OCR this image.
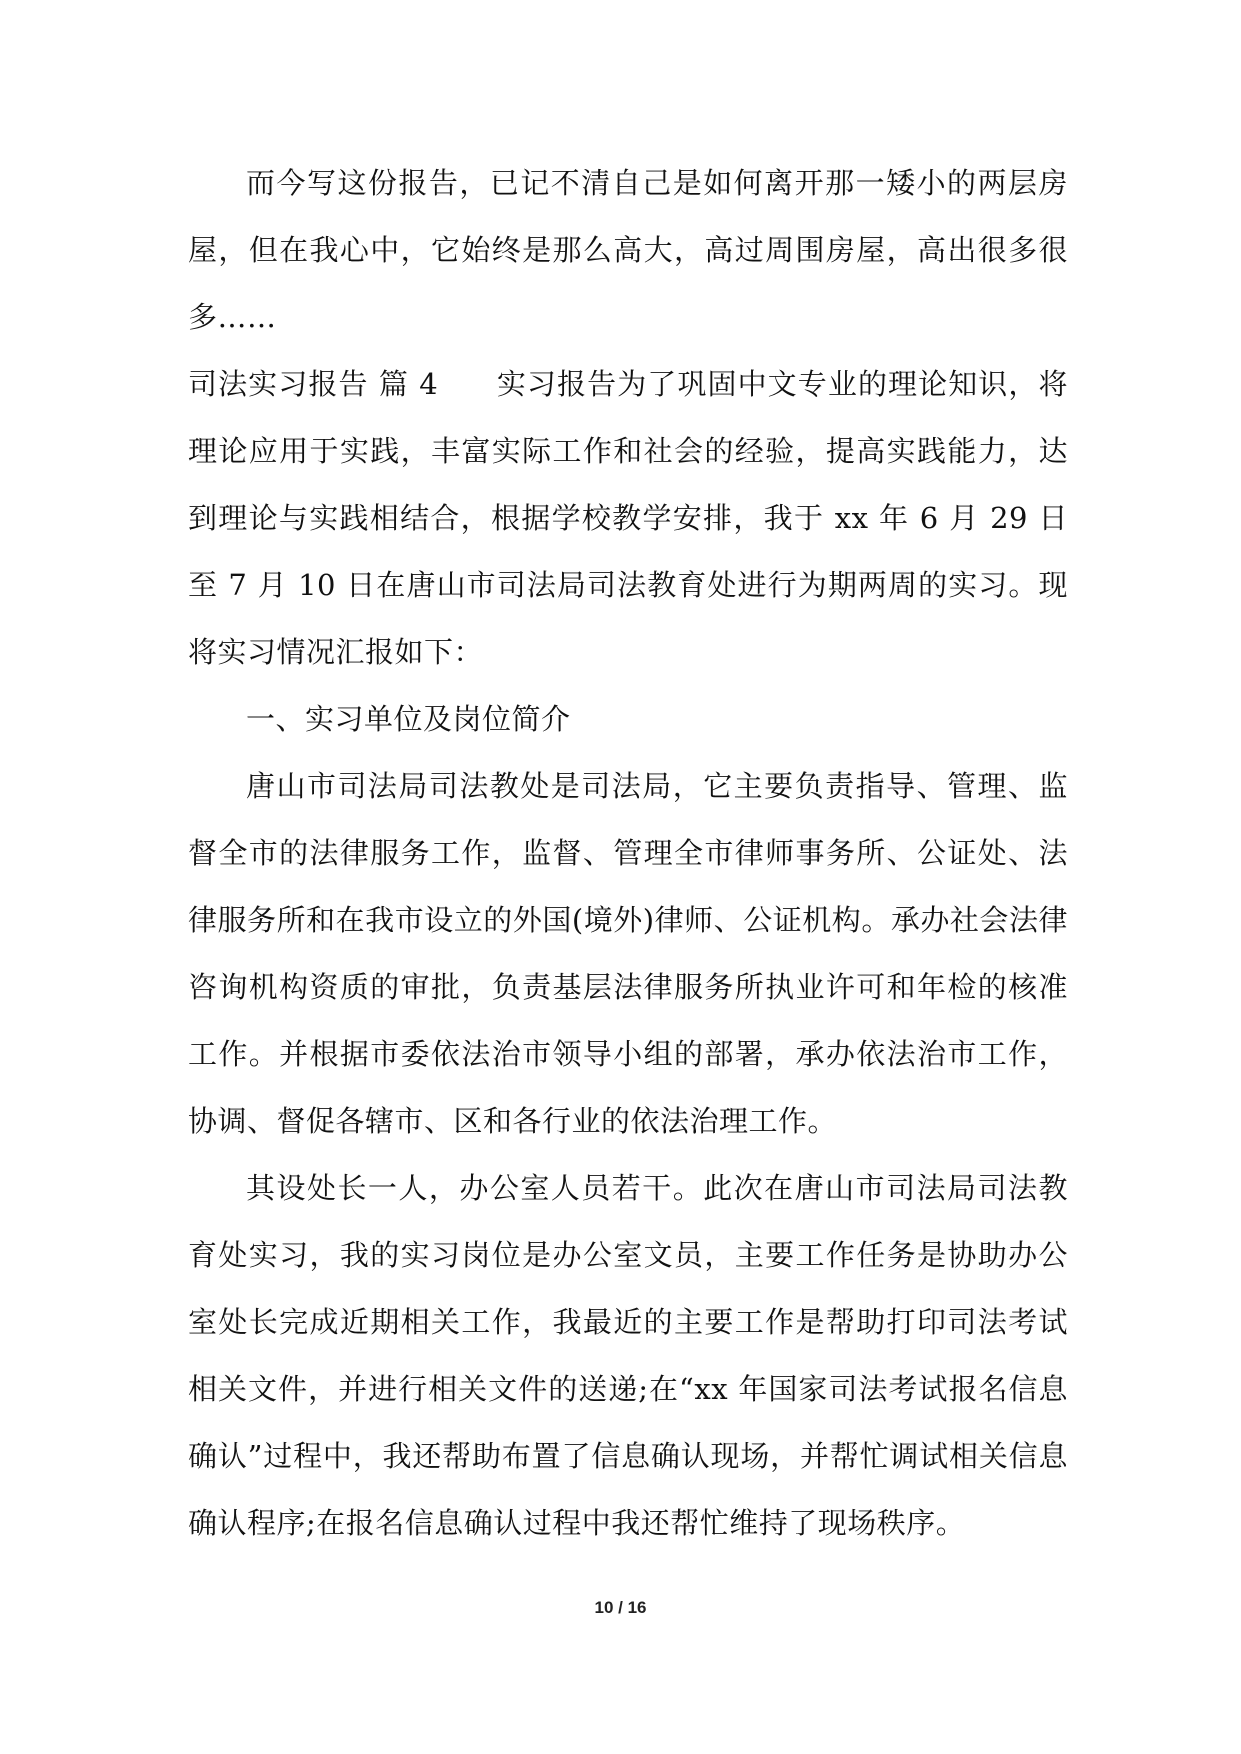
而今写这份报告，已记不清自己是如何离开那一矮小的两层房屋，但在我心中，它始终是那么高大，高过周围房屋，高出很多很多……

司法实习报告 篇 4 实习报告为了巩固中文专业的理论知识，将理论应用于实践，丰富实际工作和社会的经验，提高实践能力，达到理论与实践相结合，根据学校教学安排，我于 xx 年 6 月 29 日至 7 月 10 日在唐山市司法局司法教育处进行为期两周的实习。现将实习情况汇报如下：

一、实习单位及岗位简介

唐山市司法局司法教处是司法局，它主要负责指导、管理、监督全市的法律服务工作，监督、管理全市律师事务所、公证处、法律服务所和在我市设立的外国(境外)律师、公证机构。承办社会法律咨询机构资质的审批，负责基层法律服务所执业许可和年检的核准工作。并根据市委依法治市领导小组的部署，承办依法治市工作，协调、督促各辖市、区和各行业的依法治理工作。

其设处长一人，办公室人员若干。此次在唐山市司法局司法教育处实习，我的实习岗位是办公室文员，主要工作任务是协助办公室处长完成近期相关工作，我最近的主要工作是帮助打印司法考试相关文件，并进行相关文件的送递;在“xx 年国家司法考试报名信息确认”过程中，我还帮助布置了信息确认现场，并帮忙调试相关信息确认程序;在报名信息确认过程中我还帮忙维持了现场秩序。

10 / 16
